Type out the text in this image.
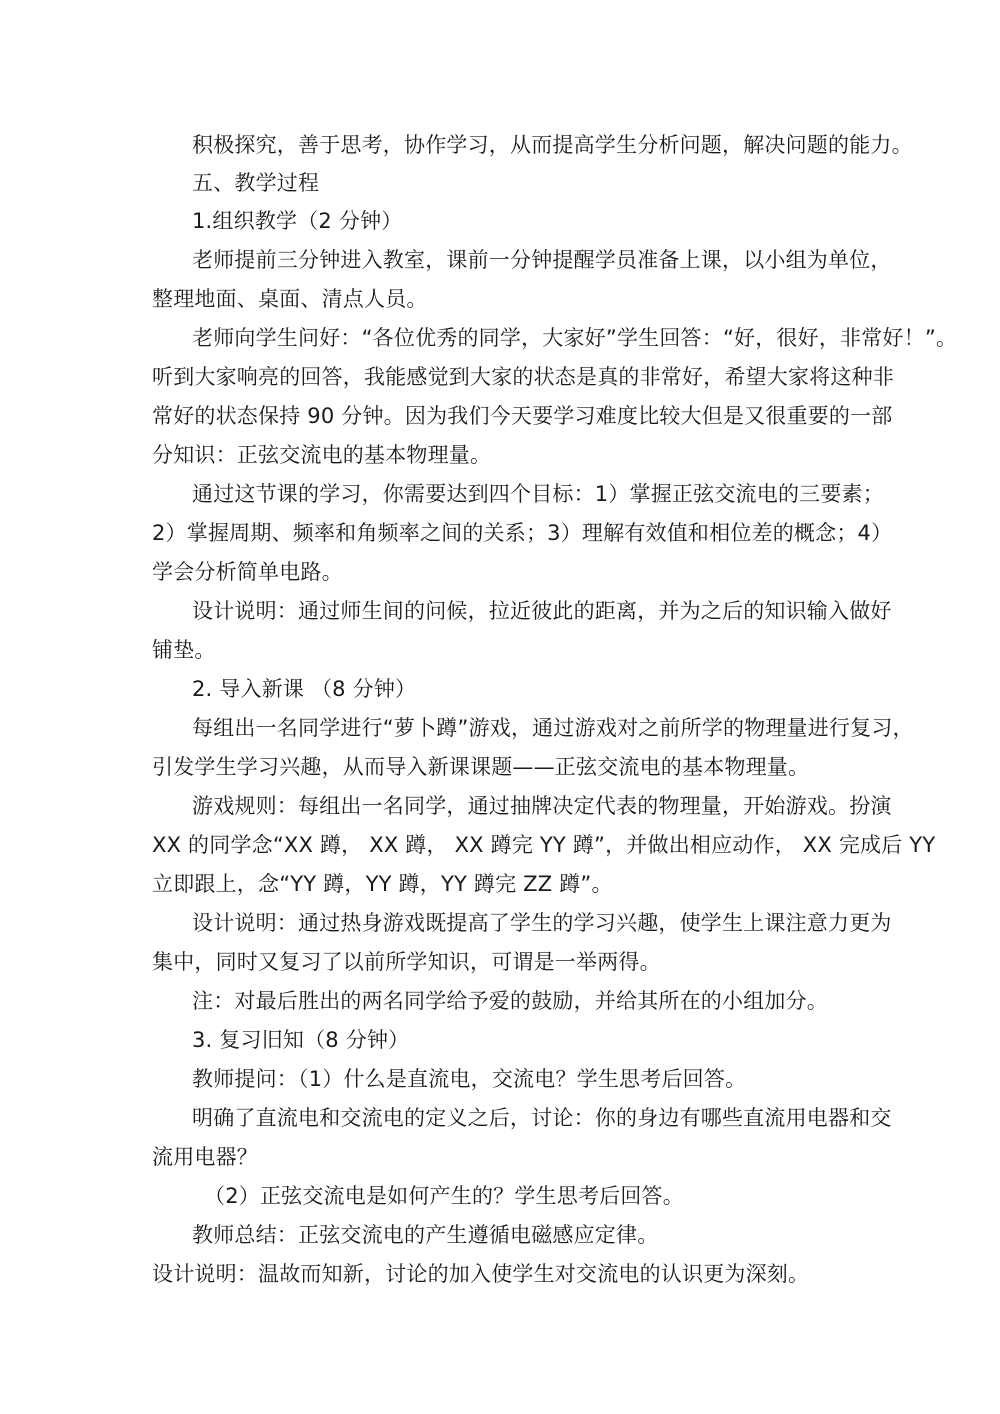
积极探究，善于思考，协作学习，从而提高学生分析问题，解决问题的能力。
五、教学过程
1.组织教学（2 分钟）
老师提前三分钟进入教室，课前一分钟提醒学员准备上课，以小组为单位，
整理地面、桌面、清点人员。
老师向学生问好：“各位优秀的同学，大家好”学生回答：“好，很好，非常好！”。
听到大家响亮的回答，我能感觉到大家的状态是真的非常好，希望大家将这种非
常好的状态保持 90 分钟。因为我们今天要学习难度比较大但是又很重要的一部
分知识：正弦交流电的基本物理量。
通过这节课的学习，你需要达到四个目标：1）掌握正弦交流电的三要素；
2）掌握周期、频率和角频率之间的关系；3）理解有效值和相位差的概念；4）
学会分析简单电路。
设计说明：通过师生间的问候，拉近彼此的距离，并为之后的知识输入做好
铺垫。
2. 导入新课 （8 分钟）
每组出一名同学进行“萝卜蹲”游戏，通过游戏对之前所学的物理量进行复习，
引发学生学习兴趣，从而导入新课课题——正弦交流电的基本物理量。
游戏规则：每组出一名同学，通过抽牌决定代表的物理量，开始游戏。扮演
XX 的同学念“XX 蹲， XX 蹲， XX 蹲完 YY 蹲”，并做出相应动作， XX 完成后 YY
立即跟上，念“YY 蹲，YY 蹲，YY 蹲完 ZZ 蹲”。
设计说明：通过热身游戏既提高了学生的学习兴趣，使学生上课注意力更为
集中，同时又复习了以前所学知识，可谓是一举两得。
注：对最后胜出的两名同学给予爱的鼓励，并给其所在的小组加分。
3. 复习旧知（8 分钟）
教师提问：（1）什么是直流电，交流电？学生思考后回答。
明确了直流电和交流电的定义之后，讨论：你的身边有哪些直流用电器和交
流用电器？
（2）正弦交流电是如何产生的？学生思考后回答。
教师总结：正弦交流电的产生遵循电磁感应定律。
设计说明：温故而知新，讨论的加入使学生对交流电的认识更为深刻。
